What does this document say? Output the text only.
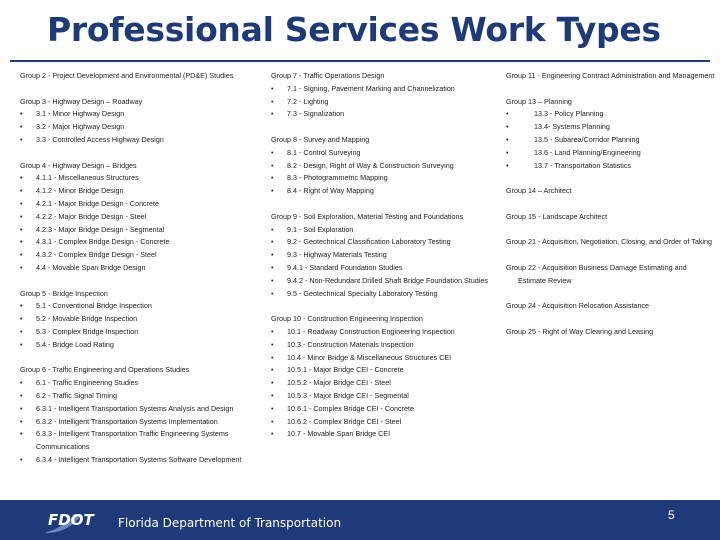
Professional Services Work Types
Group 2 - Project Development and Environmental (PD&E) Studies
Group 3 - Highway Design – Roadway
• 3.1 - Minor Highway Design
• 3.2 - Major Highway Design
• 3.3 - Controlled Access Highway Design
Group 4 - Highway Design – Bridges
• 4.1.1 - Miscellaneous Structures
• 4.1.2 - Minor Bridge Design
• 4.2.1 - Major Bridge Design - Concrete
• 4.2.2 - Major Bridge Design - Steel
• 4.2.3 - Major Bridge Design - Segmental
• 4.3.1 - Complex Bridge Design - Concrete
• 4.3.2 - Complex Bridge Design - Steel
• 4.4 - Movable Span Bridge Design
Group 5 - Bridge Inspection
• 5.1 - Conventional Bridge Inspection
• 5.2 - Movable Bridge Inspection
• 5.3 - Complex Bridge Inspection
• 5.4 - Bridge Load Rating
Group 6 - Traffic Engineering and Operations Studies
• 6.1 - Traffic Engineering Studies
• 6.2 - Traffic Signal Timing
• 6.3.1 - Intelligent Transportation Systems Analysis and Design
• 6.3.2 - Intelligent Transportation Systems Implementation
• 6.3.3 - Intelligent Transportation Traffic Engineering Systems Communications
• 6.3.4 - Intelligent Transportation Systems Software Development
Group 7 - Traffic Operations Design
• 7.1 - Signing, Pavement Marking and Channelization
• 7.2 - Lighting
• 7.3 - Signalization
Group 8 - Survey and Mapping
• 8.1 - Control Surveying
• 8.2 - Design, Right of Way & Construction Surveying
• 8.3 - Photogrammetric Mapping
• 8.4 - Right of Way Mapping
Group 9 - Soil Exploration, Material Testing and Foundations
• 9.1 - Soil Exploration
• 9.2 - Geotechnical Classification Laboratory Testing
• 9.3 - Highway Materials Testing
• 9.4.1 - Standard Foundation Studies
• 9.4.2 - Non-Redundant Drilled Shaft Bridge Foundation Studies
• 9.5 - Geotechnical Specialty Laboratory Testing
Group 10 - Construction Engineering Inspection
• 10.1 - Roadway Construction Engineering Inspection
• 10.3 - Construction Materials Inspection
• 10.4 - Minor Bridge & Miscellaneous Structures CEI
• 10.5.1 - Major Bridge CEI - Concrete
• 10.5.2 - Major Bridge CEI - Steel
• 10.5.3 - Major Bridge CEI - Segmental
• 10.6.1 - Complex Bridge CEI - Concrete
• 10.6.2 - Complex Bridge CEI - Steel
• 10.7 - Movable Span Bridge CEI
Group 11 - Engineering Contract Administration and Management
Group 13 – Planning
• 13.3 - Policy Planning
• 13.4- Systems Planning
• 13.5 - Subarea/Corridor Planning
• 13.6 - Land Planning/Engineering
• 13.7 - Transportation Statistics
Group 14 – Architect
Group 15 - Landscape Architect
Group 21 - Acquisition, Negotiation, Closing, and Order of Taking
Group 22 - Acquisition Business Damage Estimating and Estimate Review
Group 24 - Acquisition Relocation Assistance
Group 25 - Right of Way Clearing and Leasing
FDOT Florida Department of Transportation
5
